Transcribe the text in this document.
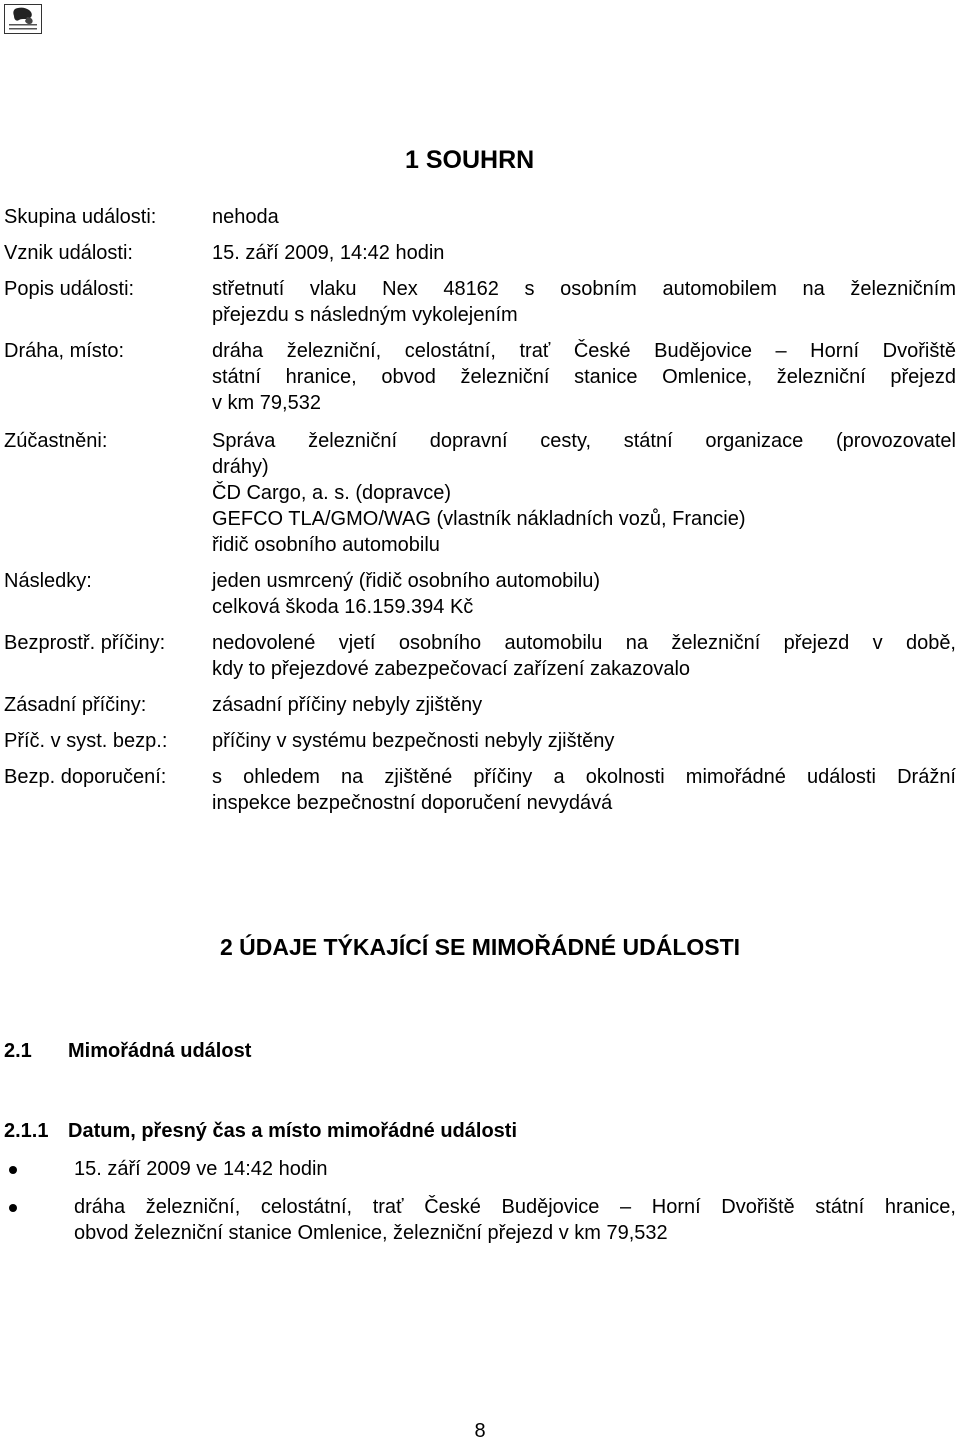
1 SOUHRN
Skupina události:	nehoda
Vznik události:	15. září 2009, 14:42 hodin
Popis události:	střetnutí vlaku Nex 48162 s osobním automobilem na železničním
přejezdu s následným vykolejením
Dráha, místo:	dráha železniční, celostátní, trať České Budějovice – Horní Dvořiště
státní hranice, obvod železniční stanice Omlenice, železniční přejezd
v km 79,532
Zúčastněni:	Správa železniční dopravní cesty, státní organizace (provozovatel
dráhy)
ČD Cargo, a. s. (dopravce)
GEFCO TLA/GMO/WAG (vlastník nákladních vozů, Francie)
řidič osobního automobilu
Následky:	jeden usmrcený (řidič osobního automobilu)
celková škoda 16.159.394 Kč
Bezprostř. příčiny:	nedovolené vjetí osobního automobilu na železniční přejezd v době,
kdy to přejezdové zabezpečovací zařízení zakazovalo
Zásadní příčiny:	zásadní příčiny nebyly zjištěny
Příč. v syst. bezp.:	příčiny v systému bezpečnosti nebyly zjištěny
Bezp. doporučení:	s ohledem na zjištěné příčiny a okolnosti mimořádné události Drážní
inspekce bezpečnostní doporučení nevydává
2 ÚDAJE TÝKAJÍCÍ SE MIMOŘÁDNÉ UDÁLOSTI
2.1 Mimořádná událost
2.1.1 Datum, přesný čas a místo mimořádné události
15. září 2009 ve 14:42 hodin
dráha železniční, celostátní, trať České Budějovice – Horní Dvořiště státní hranice,
obvod železniční stanice Omlenice, železniční přejezd v km 79,532
8
